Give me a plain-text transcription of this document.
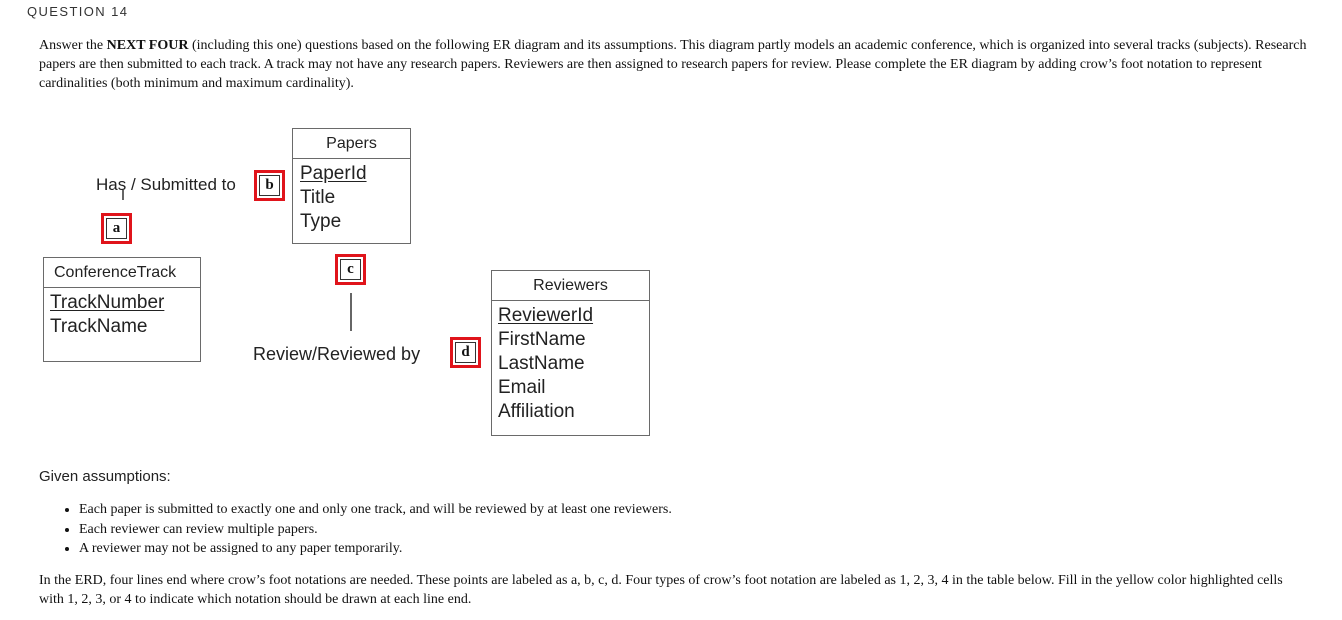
QUESTION 14
Answer the NEXT FOUR (including this one) questions based on the following ER diagram and its assumptions. This diagram partly models an academic conference, which is organized into several tracks (subjects). Research papers are then submitted to each track. A track may not have any research papers. Reviewers are then assigned to research papers for review. Please complete the ER diagram by adding crow’s foot notation to represent cardinalities (both minimum and maximum cardinality).
Papers
PaperId
Title
Type
ConferenceTrack
TrackNumber
TrackName
Reviewers
ReviewerId
FirstName
LastName
Email
Affiliation
Has / Submitted to
Review/Reviewed by
a
b
c
d
Given assumptions:
• Each paper is submitted to exactly one and only one track, and will be reviewed by at least one reviewers.
• Each reviewer can review multiple papers.
• A reviewer may not be assigned to any paper temporarily.
In the ERD, four lines end where crow’s foot notations are needed. These points are labeled as a, b, c, d. Four types of crow’s foot notation are labeled as 1, 2, 3, 4 in the table below. Fill in the yellow color highlighted cells with 1, 2, 3, or 4 to indicate which notation should be drawn at each line end.
